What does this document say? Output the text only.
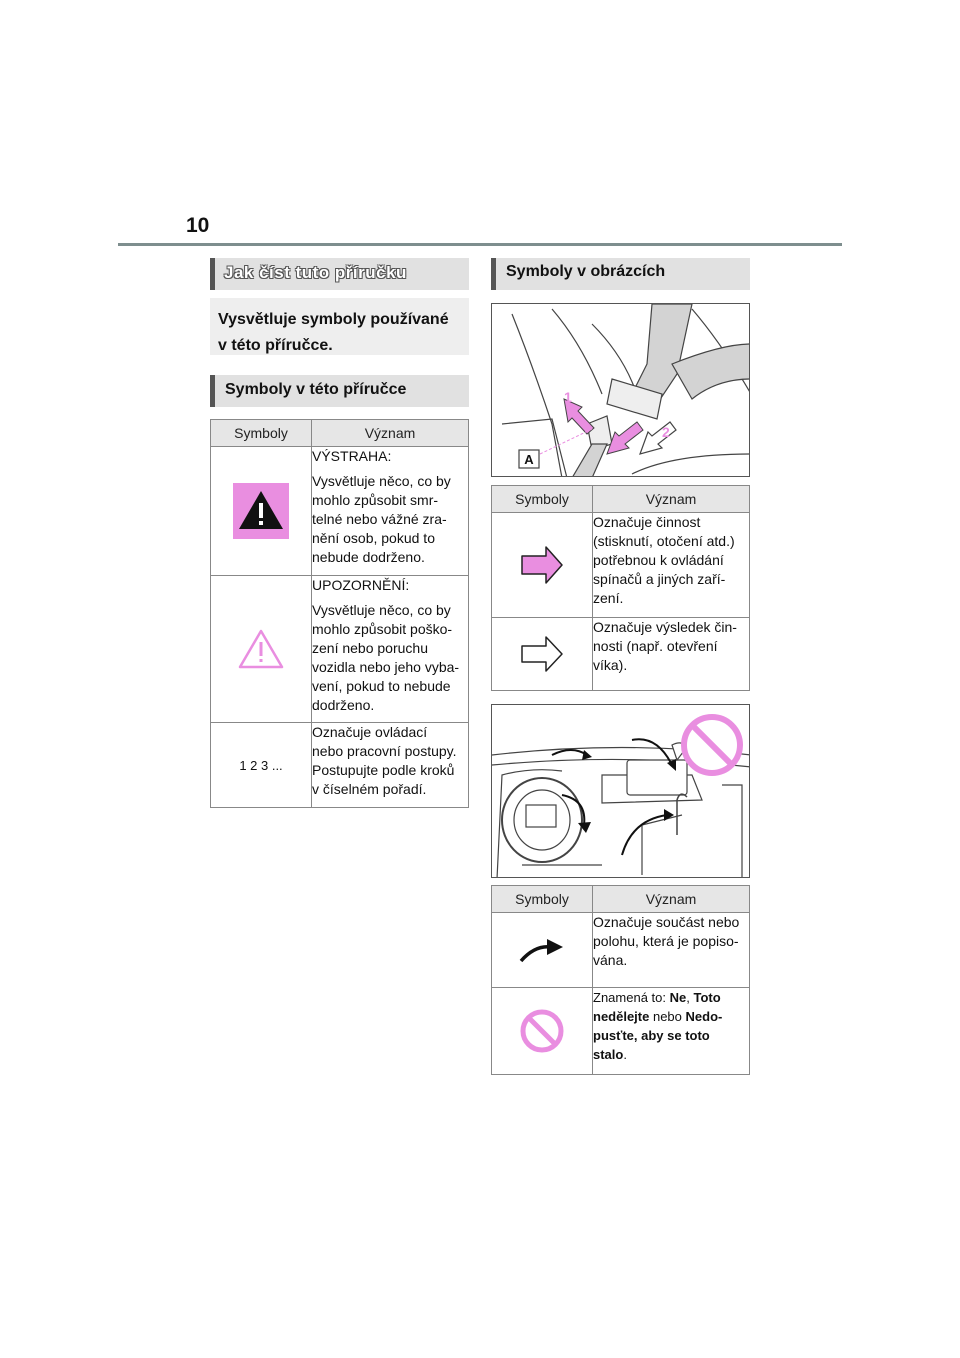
10
Jak číst tuto příručku
Vysvětluje symboly používané
v této příručce.
Symboly v této příručce
Symboly	Význam

VÝSTRAHA:

Vysvětluje něco, co by mohlo způsobit smr-telné nebo vážné zra-nění osob, pokud to nebude dodrženo.

UPOZORNĚNÍ:

Vysvětluje něco, co by mohlo způsobit poško-zení nebo poruchu vozidla nebo jeho vyba-vení, pokud to nebude dodrženo.

1 2 3 ...	Označuje ovládací nebo pracovní postupy. Postupujte podle kroků v číselném pořadí.

Symboly v obrázcích
A
1
2
Symboly	Význam

Označuje činnost (stisknutí, otočení atd.) potřebnou k ovládání spínačů a jiných zaří-zení.

Označuje výsledek čin-nosti (např. otevření víka).

Symboly	Význam

Označuje součást nebo polohu, která je popiso-vána.

Znamená to: Ne, Toto nedělejte nebo Nedo-pusťte, aby se toto stalo.
